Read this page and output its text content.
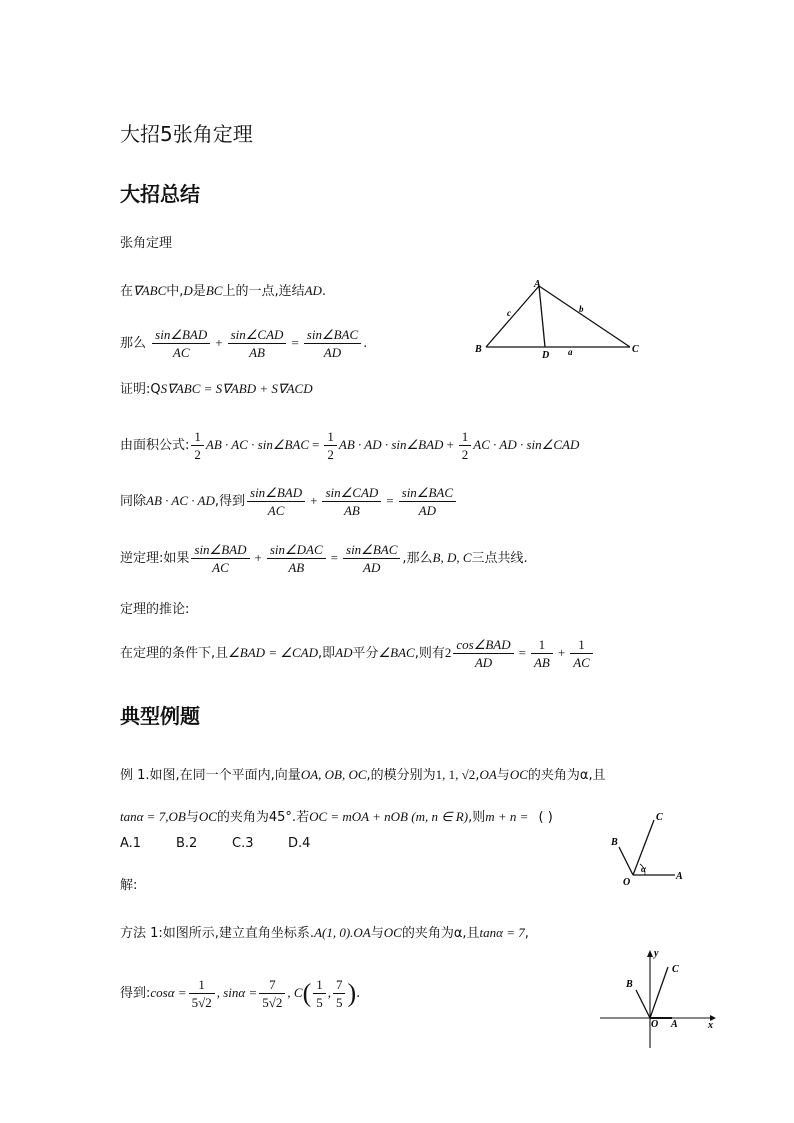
大招5张角定理
大招总结
张角定理
在∇ABC中,D是BC上的一点,连结AD.
那么 $\frac{\text{sin∠BAD}}{AC} + \frac{\text{sin∠CAD}}{AB} = \frac{\text{sin∠BAC}}{AD}$ .
A
B	C
D a
b
c
证明:QS∇ABC = S∇ABD + S∇ACD
由面积公式: $\frac{1}{2}$ AB · AC · sin∠BAC = $\frac{1}{2}$ AB · AD · sin∠BAD + $\frac{1}{2}$ AC · AD · sin∠CAD
同除AB · AC · AD,得到 $\frac{\text{sin∠BAD}}{AC} + \frac{\text{sin∠CAD}}{AB} = \frac{\text{sin∠BAC}}{AD}$
逆定理:如果 $\frac{\text{sin∠BAD}}{AC} + \frac{\text{sin∠DAC}}{AB} = \frac{\text{sin∠BAC}}{AD}$ ,那么B, D, C三点共线.
定理的推论:
在定理的条件下,且∠BAD = ∠CAD,即AD平分∠BAC,则有$2 \frac{\text{cos∠BAD}}{AD} = \frac{1}{AB} + \frac{1}{AC}$
典型例题
例 1.如图,在同一个平面内,向量OA, OB, OC,的模分别为1, 1, √2,OA与OC的夹角为α,且
tanα = 7,OB与OC的夹角为45°.若OC = mOA + nOB (m, n ∈ R),则m + n = ( )
A.1	B.2	C.3	D.4
O
A
B
C
α
解:
方法 1:如图所示,建立直角坐标系.A(1, 0).OA与OC的夹角为α,且tanα = 7,
得到:cosα = $\frac{1}{5√2}$ , $\sin\alpha = \frac{7}{5√2}$ , $C( \frac{1}{5}$ , $\frac{7}{5}$ ).
O A
B
C
x
y
